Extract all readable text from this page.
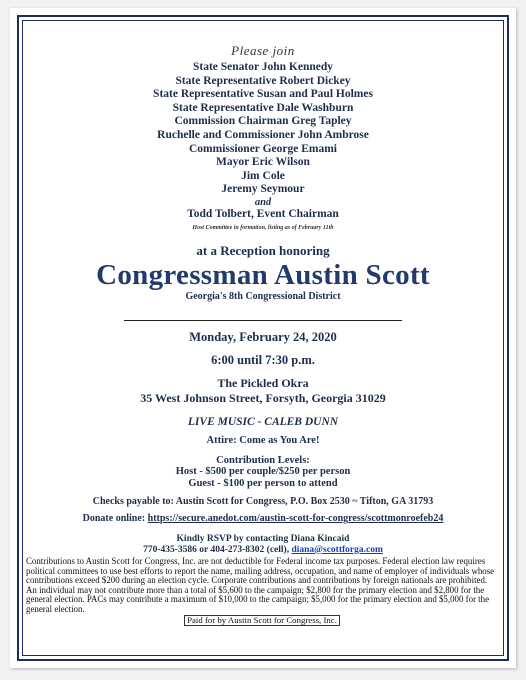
Please join
State Senator John Kennedy
State Representative Robert Dickey
State Representative Susan and Paul Holmes
State Representative Dale Washburn
Commission Chairman Greg Tapley
Ruchelle and Commissioner John Ambrose
Commissioner George Emami
Mayor Eric Wilson
Jim Cole
Jeremy Seymour
and
Todd Tolbert, Event Chairman
Host Committee in formation, listing as of February 11th
at a Reception honoring
Congressman Austin Scott
Georgia's 8th Congressional District
Monday, February 24, 2020
6:00 until 7:30 p.m.
The Pickled Okra
35 West Johnson Street, Forsyth, Georgia 31029
LIVE MUSIC - CALEB DUNN
Attire: Come as You Are!
Contribution Levels:
Host - $500 per couple/$250 per person
Guest - $100 per person to attend
Checks payable to: Austin Scott for Congress, P.O. Box 2530 ~ Tifton, GA 31793
Donate online: https://secure.anedot.com/austin-scott-for-congress/scottmonroefeb24
Kindly RSVP by contacting Diana Kincaid
770-435-3586 or 404-273-8302 (cell), diana@scottforga.com
Contributions to Austin Scott for Congress, Inc. are not deductible for Federal income tax purposes. Federal election law requires political committees to use best efforts to report the name, mailing address, occupation, and name of employer of individuals whose contributions exceed $200 during an election cycle. Corporate contributions and contributions by foreign nationals are prohibited. An individual may not contribute more than a total of $5,600 to the campaign; $2,800 for the primary election and $2,800 for the general election. PACs may contribute a maximum of $10,000 to the campaign; $5,000 for the primary election and $5,000 for the general election.
Paid for by Austin Scott for Congress, Inc.
